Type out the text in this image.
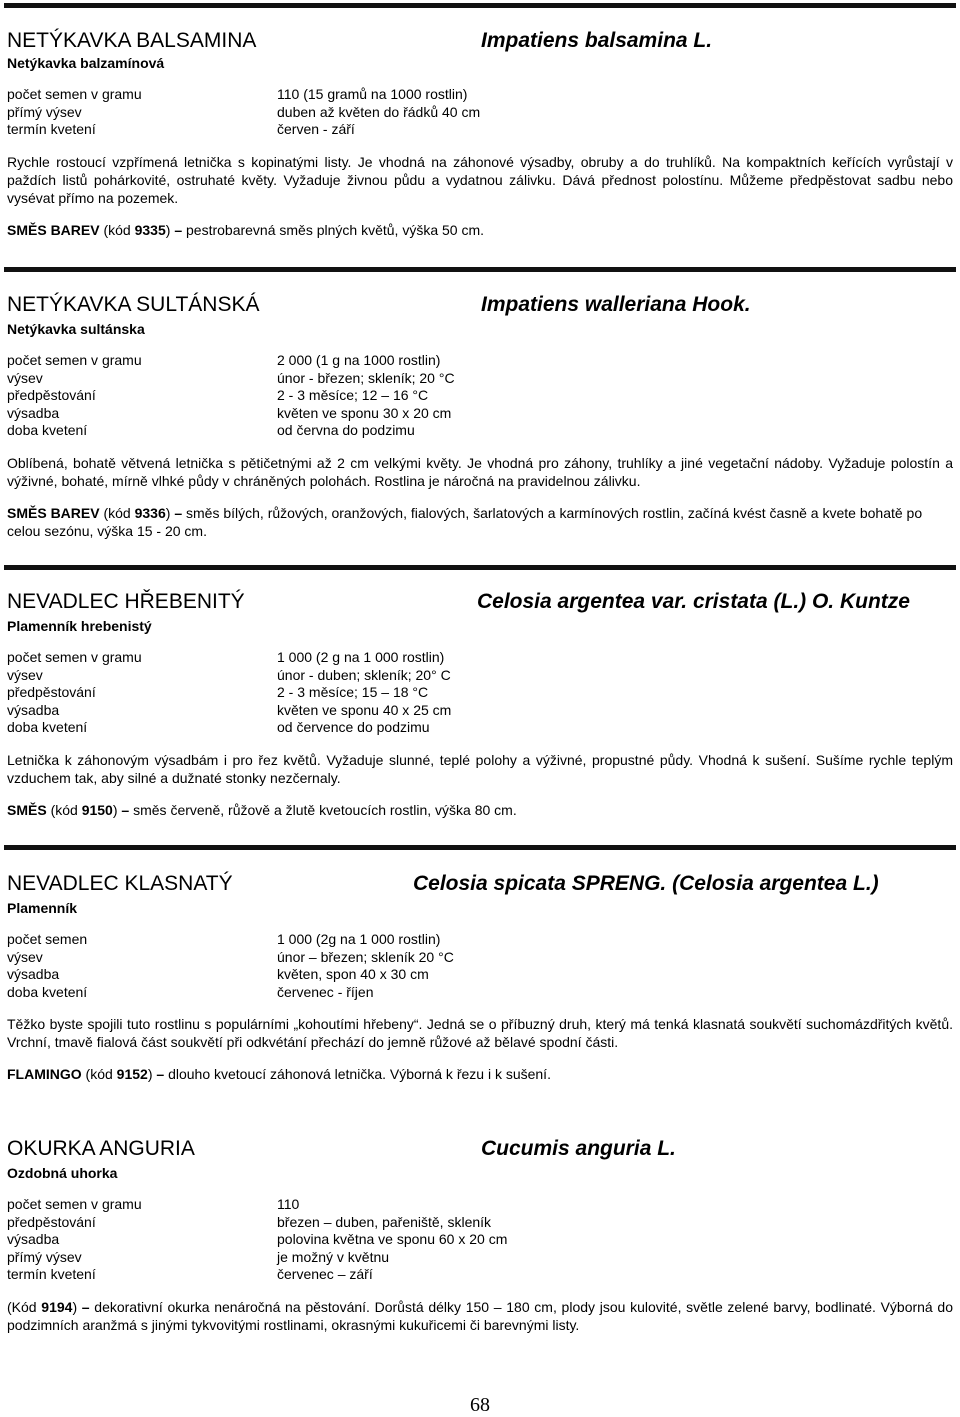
NETÝKAVKA BALSAMINA	Impatiens balsamina L.
Netýkavka balzamínová
počet semen v gramu	110 (15 gramů na 1000 rostlin)
přímý výsev	duben až květen do řádků 40 cm
termín kvetení	červen - září
Rychle rostoucí vzpřímená letnička s kopinatými listy. Je vhodná na záhonové výsadby, obruby a do truhlíků. Na kompaktních keřících vyrůstají v paždích listů pohárkovité, ostruhaté květy. Vyžaduje živnou půdu a vydatnou zálivku. Dává přednost polostínu. Můžeme předpěstovat sadbu nebo vysévat přímo na pozemek.
SMĚS BAREV (kód 9335) – pestrobarevná směs plných květů, výška 50 cm.
NETÝKAVKA SULTÁNSKÁ	Impatiens walleriana Hook.
Netýkavka sultánska
počet semen v gramu	2 000 (1 g na 1000 rostlin)
výsev	únor - březen; skleník; 20 °C
předpěstování	2 - 3 měsíce; 12 – 16 °C
výsadba	květen ve sponu 30 x 20 cm
doba kvetení	od června do podzimu
Oblíbená, bohatě větvená letnička s pětičetnými až 2 cm velkými květy. Je vhodná pro záhony, truhlíky a jiné vegetační nádoby. Vyžaduje polostín a výživné, bohaté, mírně vlhké půdy v chráněných polohách. Rostlina je náročná na pravidelnou zálivku.
SMĚS BAREV (kód 9336) – směs bílých, růžových, oranžových, fialových, šarlatových a karmínových rostlin, začíná kvést časně a kvete bohatě po celou sezónu, výška 15 - 20 cm.
NEVADLEC HŘEBENITÝ	Celosia argentea var. cristata (L.) O. Kuntze
Plamenník hrebenistý
počet semen v gramu	1 000 (2 g na 1 000 rostlin)
výsev	únor - duben; skleník; 20° C
předpěstování	2 - 3 měsíce; 15 – 18 °C
výsadba	květen ve sponu 40 x 25 cm
doba kvetení	od července do podzimu
Letnička k záhonovým výsadbám i pro řez květů. Vyžaduje slunné, teplé polohy a výživné, propustné půdy. Vhodná k sušení. Sušíme rychle teplým vzduchem tak, aby silné a dužnaté stonky nezčernaly.
SMĚS (kód 9150) – směs červeně, růžově a žlutě kvetoucích rostlin, výška 80 cm.
NEVADLEC KLASNATÝ	Celosia spicata SPRENG. (Celosia argentea L.)
Plamenník
počet semen	1 000 (2g na 1 000 rostlin)
výsev	únor – březen; skleník 20 °C
výsadba	květen, spon 40 x 30 cm
doba kvetení	červenec - říjen
Těžko byste spojili tuto rostlinu s populárními „kohoutími hřebeny“. Jedná se o příbuzný druh, který má tenká klasnatá soukvětí suchomázdřitých květů. Vrchní, tmavě fialová část soukvětí při odkvétání přechází do jemně růžové až bělavé spodní části.
FLAMINGO (kód 9152) – dlouho kvetoucí záhonová letnička. Výborná k řezu i k sušení.
OKURKA ANGURIA	Cucumis anguria L.
Ozdobná uhorka
počet semen v gramu	110
předpěstování	březen – duben, pařeniště, skleník
výsadba	polovina května ve sponu 60 x 20 cm
přímý výsev	je možný v květnu
termín kvetení	červenec – září
(Kód 9194) – dekorativní okurka nenáročná na pěstování. Dorůstá délky 150 – 180 cm, plody jsou kulovité, světle zelené barvy, bodlinaté. Výborná do podzimních aranžmá s jinými tykvovitými rostlinami, okrasnými kukuřicemi či barevnými listy.
68
